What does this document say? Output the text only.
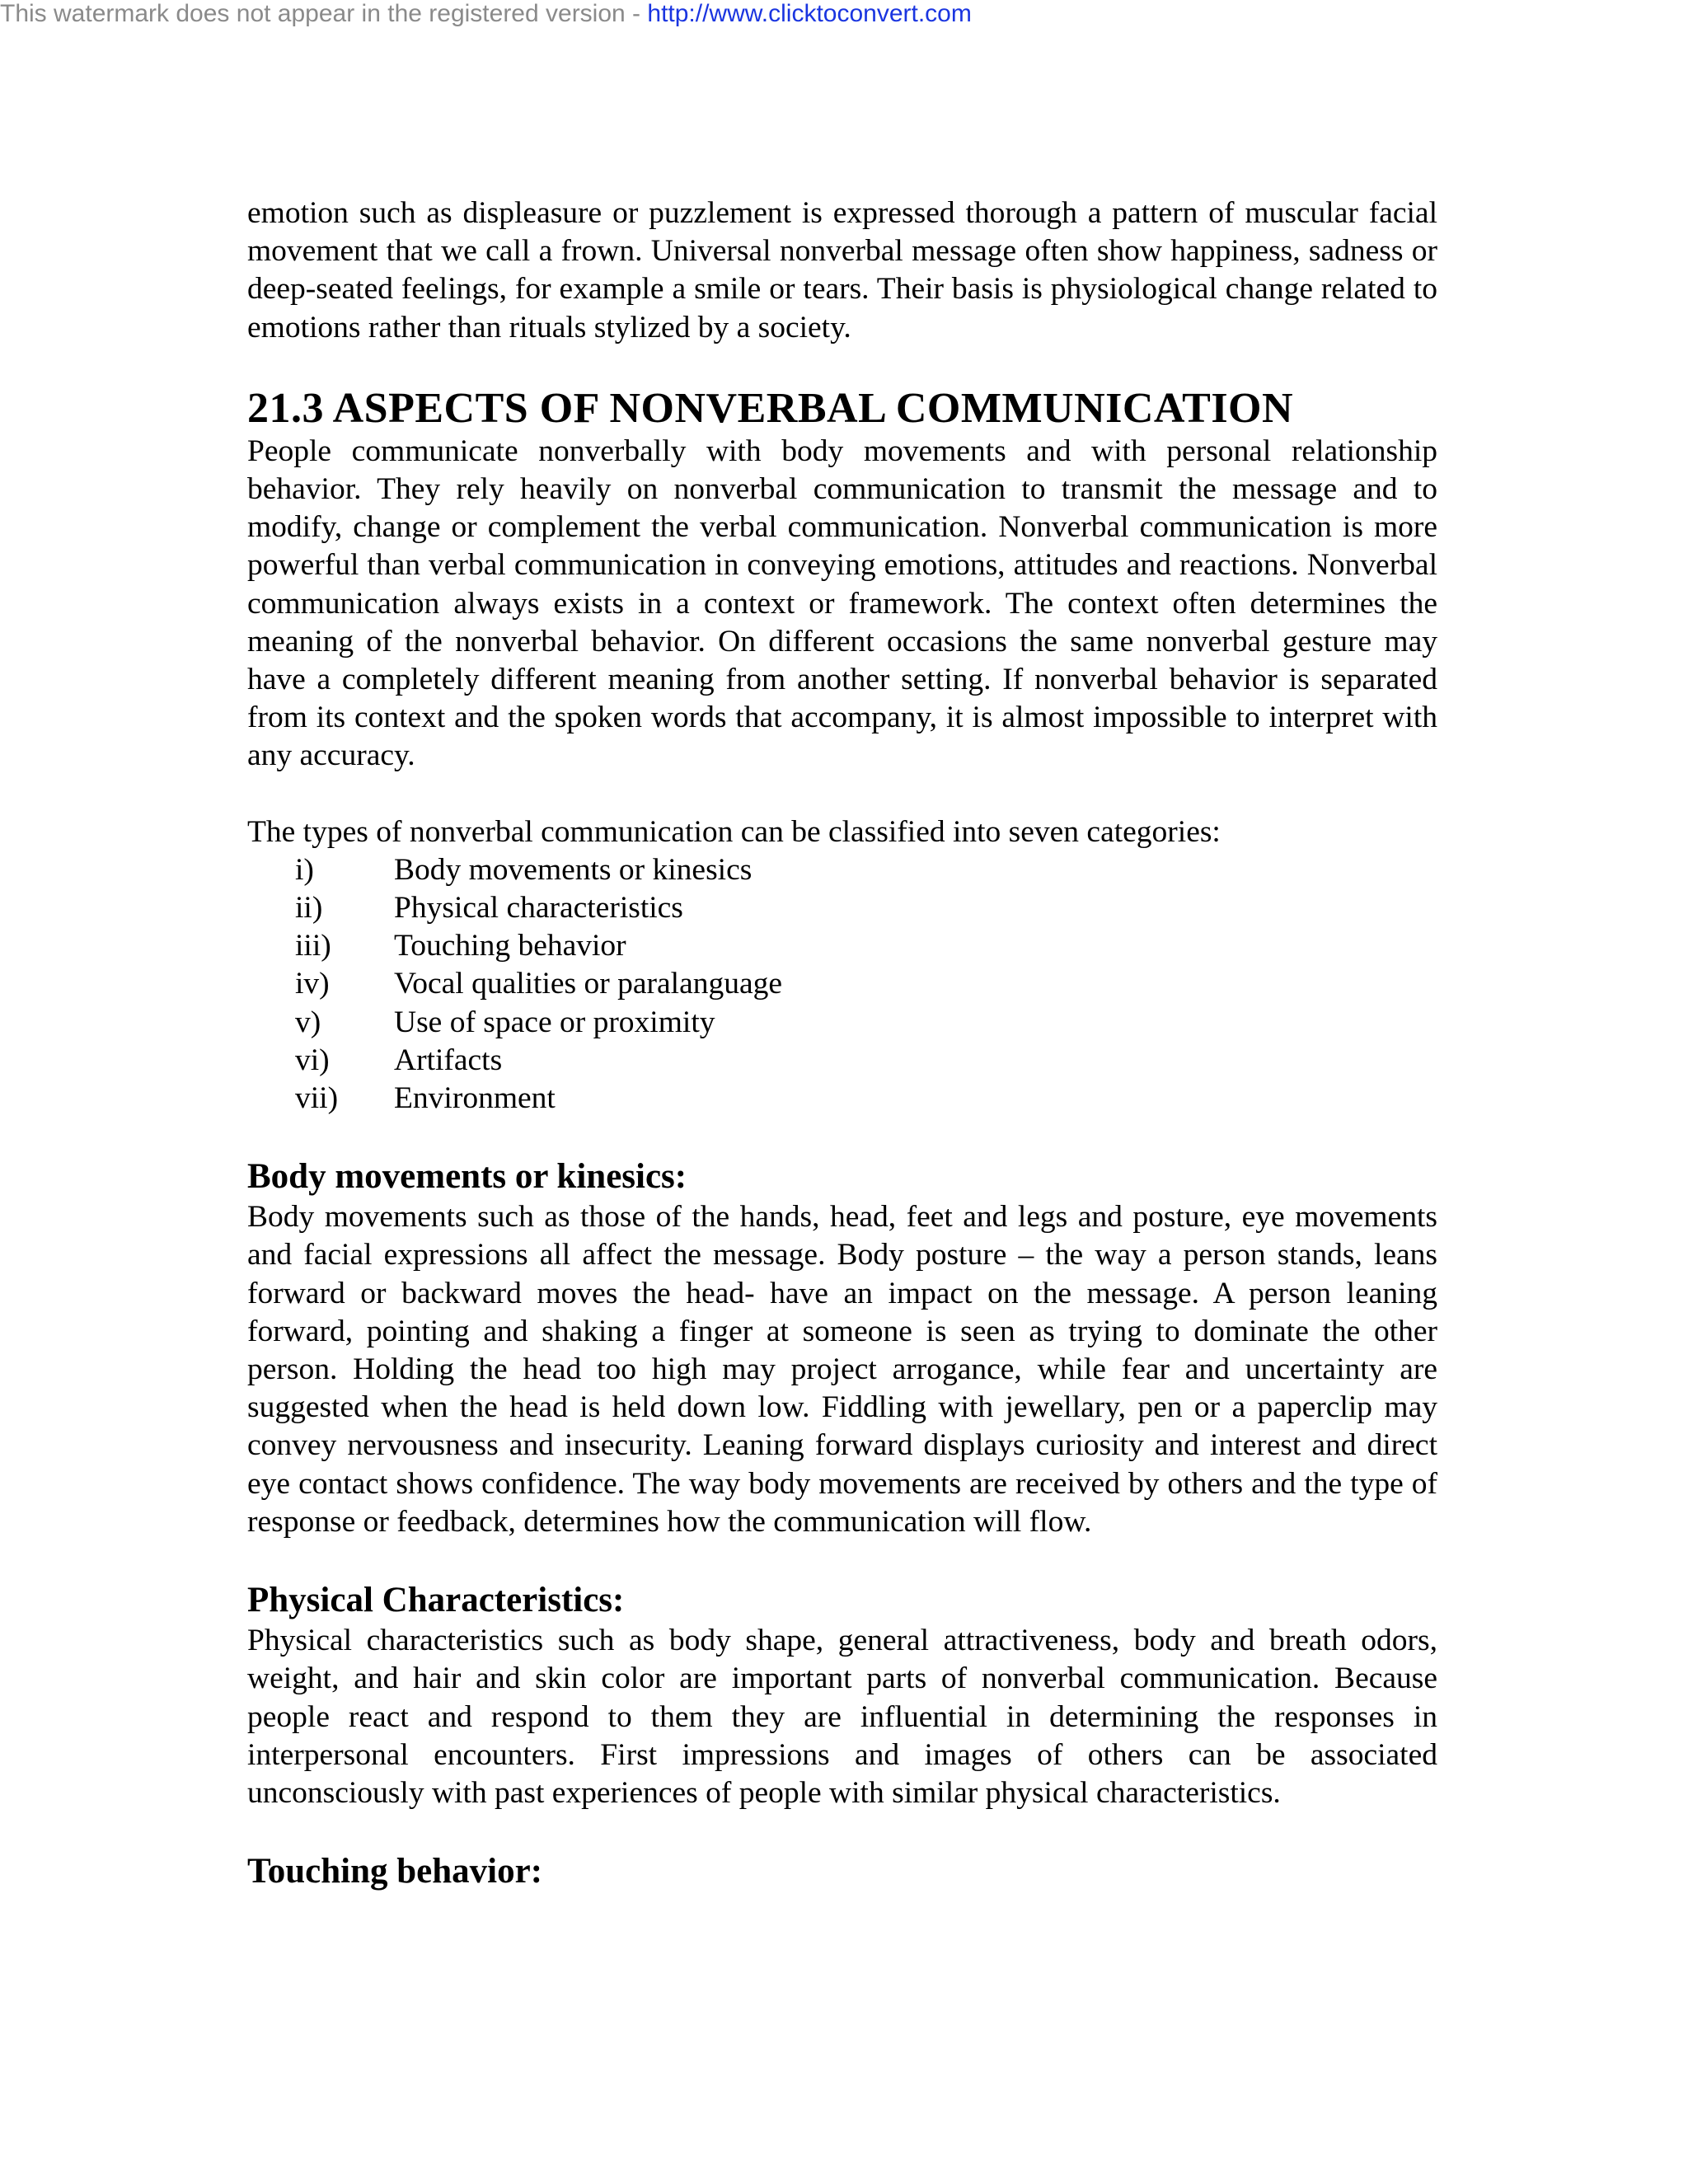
This watermark does not appear in the registered version - http://www.clicktoconvert.com

emotion such as displeasure or puzzlement is expressed thorough a pattern of muscular facial movement that we call a frown. Universal nonverbal message often show happiness, sadness or deep-seated feelings, for example a smile or tears. Their basis is physiological change related to emotions rather than rituals stylized by a society.

21.3 ASPECTS OF NONVERBAL COMMUNICATION

People communicate nonverbally with body movements and with personal relationship behavior. They rely heavily on nonverbal communication to transmit the message and to modify, change or complement the verbal communication. Nonverbal communication is more powerful than verbal communication in conveying emotions, attitudes and reactions. Nonverbal communication always exists in a context or framework. The context often determines the meaning of the nonverbal behavior. On different occasions the same nonverbal gesture may have a completely different meaning from another setting. If nonverbal behavior is separated from its context and the spoken words that accompany, it is almost impossible to interpret with any accuracy.

The types of nonverbal communication can be classified into seven categories:

i)	Body movements or kinesics
ii)	Physical characteristics
iii)	Touching behavior
iv)	Vocal qualities or paralanguage
v)	Use of space or proximity
vi)	Artifacts
vii)	Environment
Body movements or kinesics:

Body movements such as those of the hands, head, feet and legs and posture, eye movements and facial expressions all affect the message. Body posture – the way a person stands, leans forward or backward moves the head- have an impact on the message. A person leaning forward, pointing and shaking a finger at someone is seen as trying to dominate the other person. Holding the head too high may project arrogance, while fear and uncertainty are suggested when the head is held down low. Fiddling with jewellary, pen or a paperclip may convey nervousness and insecurity. Leaning forward displays curiosity and interest and direct eye contact shows confidence. The way body movements are received by others and the type of response or feedback, determines how the communication will flow.

Physical Characteristics:

Physical characteristics such as body shape, general attractiveness, body and breath odors, weight, and hair and skin color are important parts of nonverbal communication. Because people react and respond to them they are influential in determining the responses in interpersonal encounters. First impressions and images of others can be associated unconsciously with past experiences of people with similar physical characteristics.

Touching behavior:
